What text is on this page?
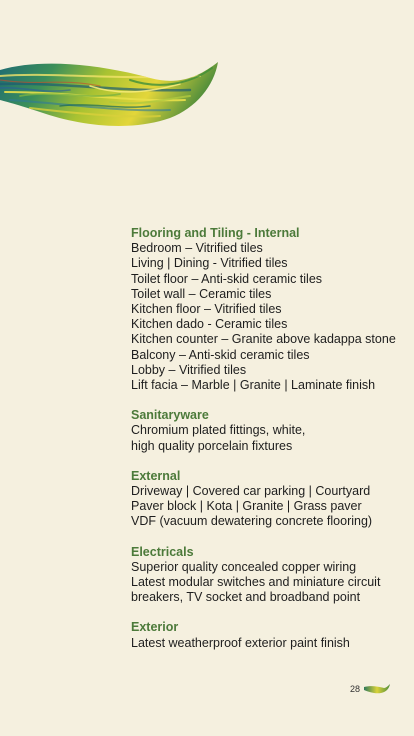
Flooring and Tiling - Internal
Bedroom – Vitrified tiles
Living | Dining - Vitrified tiles
Toilet floor – Anti-skid ceramic tiles
Toilet wall – Ceramic tiles
Kitchen floor – Vitrified tiles
Kitchen dado - Ceramic tiles
Kitchen counter – Granite above kadappa stone
Balcony – Anti-skid ceramic tiles
Lobby – Vitrified tiles
Lift facia – Marble | Granite | Laminate finish
Sanitaryware
Chromium plated fittings, white,
high quality porcelain fixtures
External
Driveway | Covered car parking | Courtyard
Paver block | Kota | Granite | Grass paver
VDF (vacuum dewatering concrete flooring)
Electricals
Superior quality concealed copper wiring
Latest modular switches and miniature circuit
breakers, TV socket and broadband point
Exterior
Latest weatherproof exterior paint finish
28
